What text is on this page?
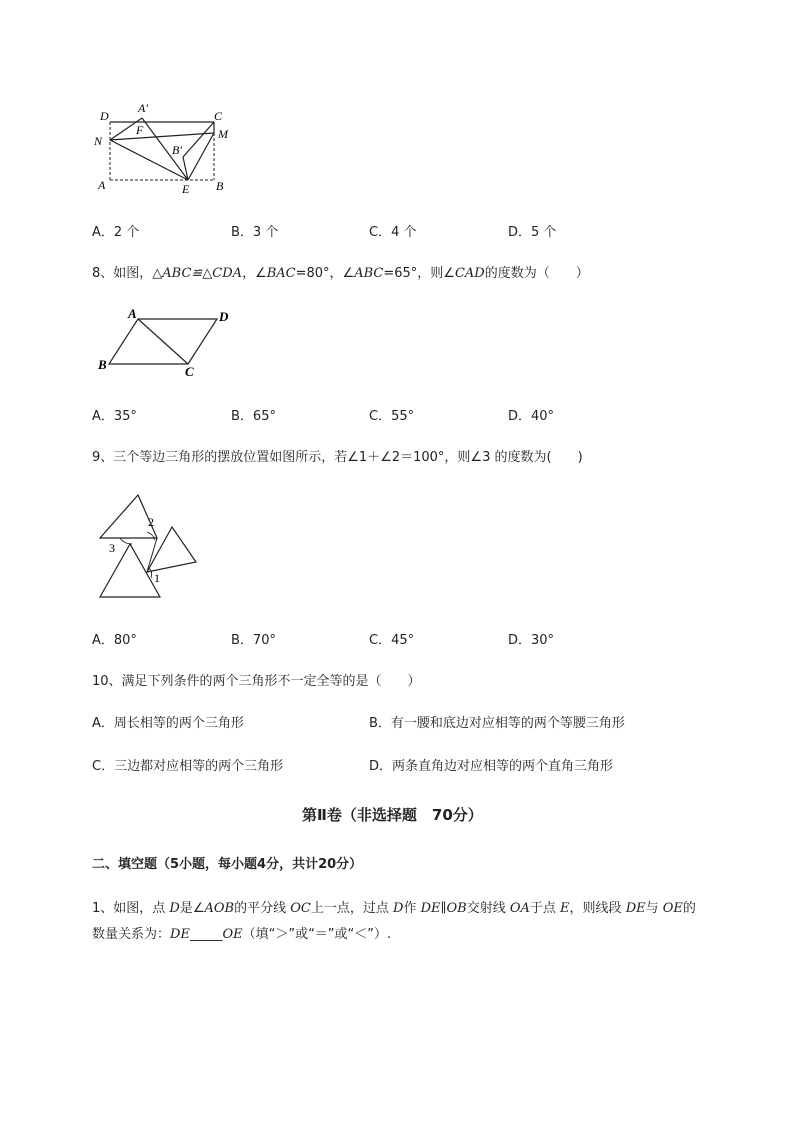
D
A′
C
F
N	M
B′
A	E B
A．2 个	B．3 个	C．4 个	D．5 个
8、如图，△ABC≌△CDA，∠BAC=80°，∠ABC=65°，则∠CAD的度数为（　　）
A	D
B	C
A．35°	B．65°	C．55°	D．40°
9、三个等边三角形的摆放位置如图所示，若∠1＋∠2＝100°，则∠3 的度数为(　　)
2
3
1
A．80°	B．70°	C．45°	D．30°
10、满足下列条件的两个三角形不一定全等的是（　　）
A．周长相等的两个三角形	B．有一腰和底边对应相等的两个等腰三角形
C．三边都对应相等的两个三角形	D．两条直角边对应相等的两个直角三角形
第Ⅱ卷（非选择题　70分）
二、填空题（5小题，每小题4分，共计20分）
1、如图，点 D是∠AOB的平分线 OC上一点，过点 D作 DE∥OB交射线 OA于点 E，则线段 DE与 OE的
数量关系为：DE_____OE（填“＞”或“＝”或“＜”）.
